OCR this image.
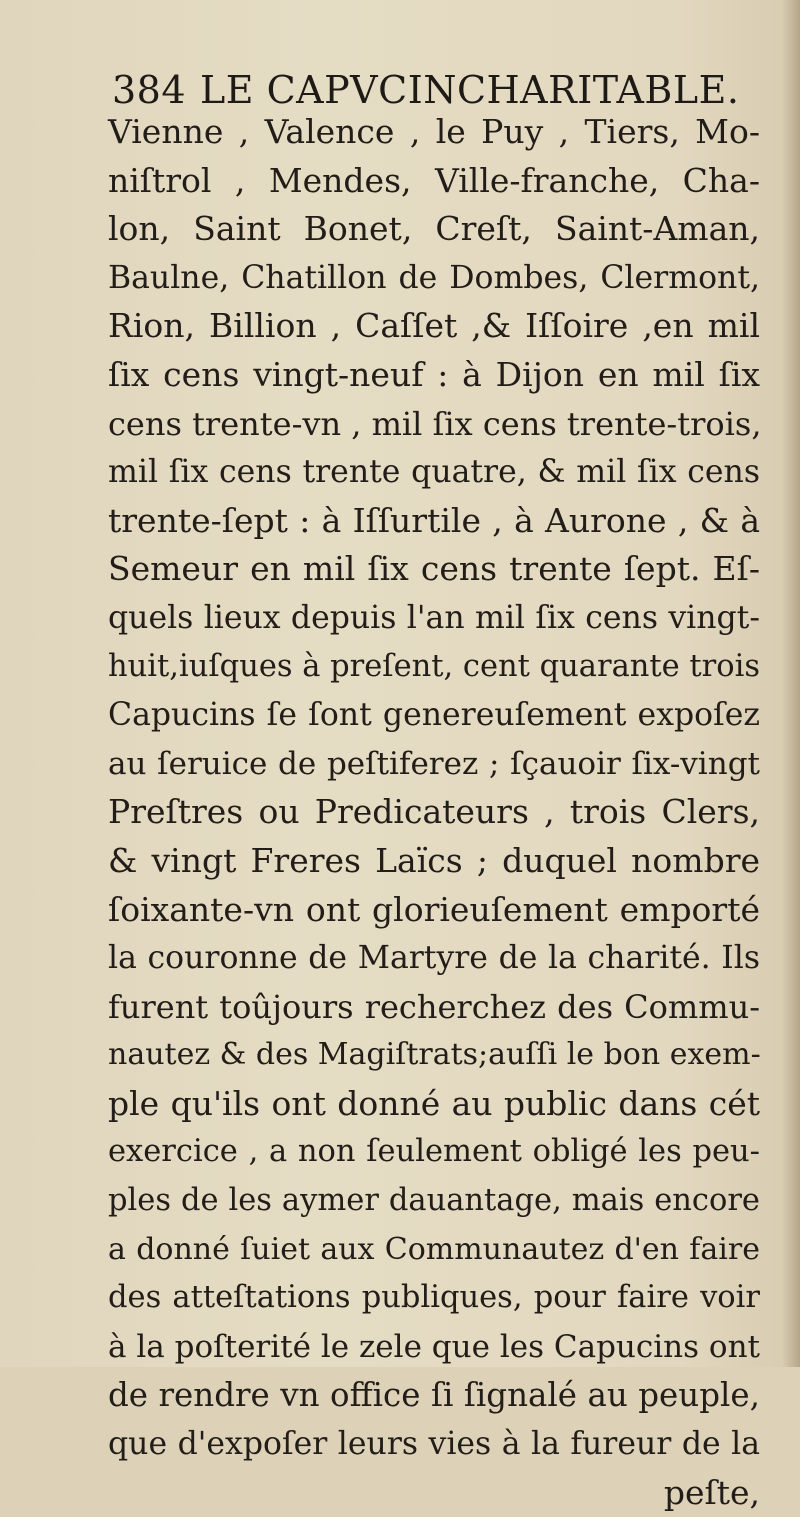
384 LE CAPVCINCHARITABLE.
Vienne , Valence , le Puy , Tiers, Mo-
niſtrol , Mendes, Ville-franche, Cha-
lon, Saint Bonet, Creſt, Saint-Aman,
Baulne, Chatillon de Dombes, Clermont,
Rion, Billion , Caſſet ,& Iſſoire ,en mil
ſix cens vingt-neuf : à Dijon en mil ſix
cens trente-vn , mil ſix cens trente-trois,
mil ſix cens trente quatre, & mil ſix cens
trente-ſept : à Iſſurtile , à Aurone , & à
Semeur en mil ſix cens trente ſept. Eſ-
quels lieux depuis l'an mil ſix cens vingt-
huit,iuſques à preſent, cent quarante trois
Capucins ſe ſont genereuſement expoſez
au ſeruice de peſtiferez ; ſçauoir ſix-vingt
Preſtres ou Predicateurs , trois Clers,
& vingt Freres Laïcs ; duquel nombre
ſoixante-vn ont glorieuſement emporté
la couronne de Martyre de la charité. Ils
furent toûjours recherchez des Commu-
nautez & des Magiſtrats;auſſi le bon exem-
ple qu'ils ont donné au public dans cét
exercice , a non ſeulement obligé les peu-
ples de les aymer dauantage, mais encore
a donné ſuiet aux Communautez d'en faire
des atteſtations publiques, pour faire voir
à la poſterité le zele que les Capucins ont
de rendre vn office ſi ſignalé au peuple,
que d'expoſer leurs vies à la fureur de la
peſte,
